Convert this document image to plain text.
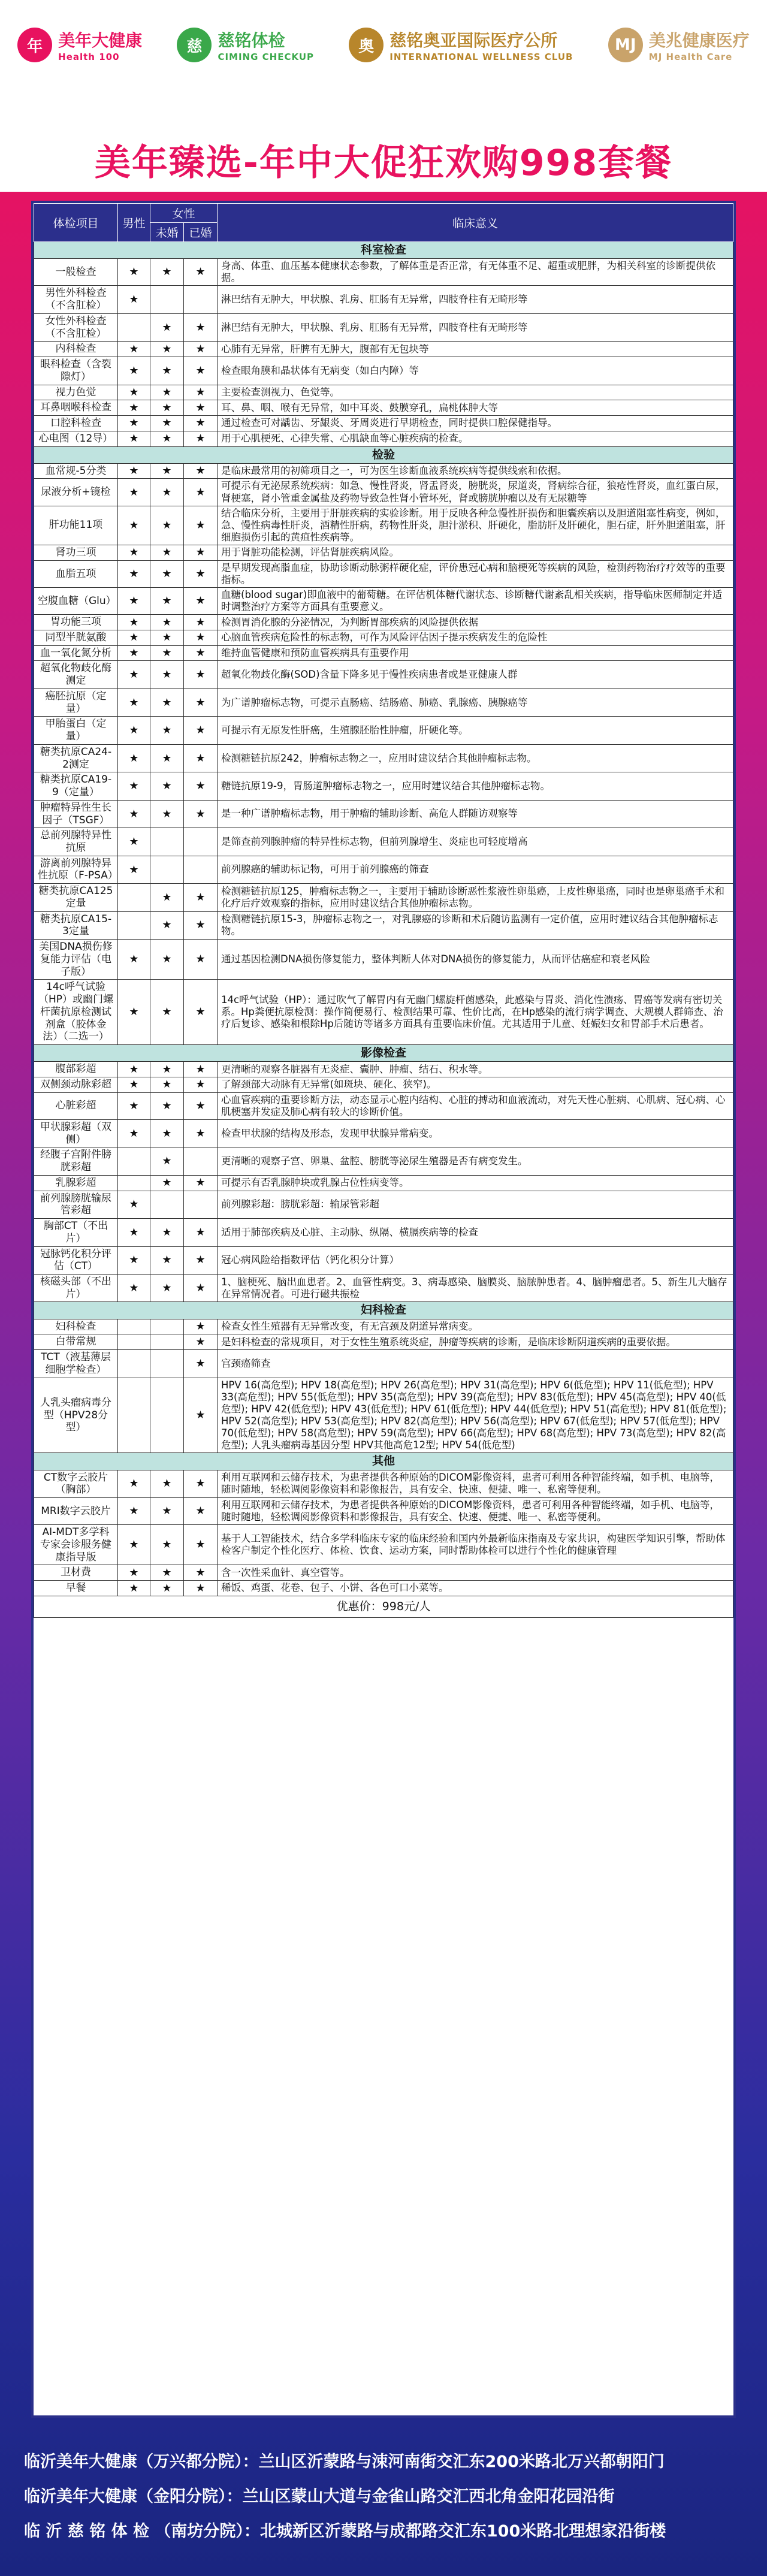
年 美年大健康
Health 100
慈 慈铭体检
CIMING CHECKUP
奥 慈铭奥亚国际医疗公所
INTERNATIONAL WELLNESS CLUB
MJ 美兆健康医疗
MJ Health Care
美年臻选-年中大促狂欢购998套餐
体检项目	男性	女性		临床意义
		未婚	已婚	
科室检查				
一般检查	★	★	★	身高、体重、血压基本健康状态参数，了解体重是否正常，有无体重不足、超重或肥胖，为相关科室的诊断提供依据。
男性外科检查（不含肛检）	★			淋巴结有无肿大，甲状腺、乳房、肛肠有无异常，四肢脊柱有无畸形等
女性外科检查（不含肛检）		★	★	淋巴结有无肿大，甲状腺、乳房、肛肠有无异常，四肢脊柱有无畸形等
内科检查	★	★	★	心肺有无异常，肝脾有无肿大，腹部有无包块等
眼科检查（含裂隙灯）	★	★	★	检查眼角膜和晶状体有无病变（如白内障）等
视力色觉	★	★	★	主要检查测视力、色觉等。
耳鼻咽喉科检查	★	★	★	耳、鼻、咽、喉有无异常，如中耳炎、鼓膜穿孔，扁桃体肿大等
口腔科检查	★	★	★	通过检查可对龋齿、牙龈炎、牙周炎进行早期检查，同时提供口腔保健指导。
心电图（12导）	★	★	★	用于心肌梗死、心律失常、心肌缺血等心脏疾病的检查。
检验				
血常规-5分类	★	★	★	是临床最常用的初筛项目之一，可为医生诊断血液系统疾病等提供线索和依据。
尿液分析+镜检	★	★	★	可提示有无泌尿系统疾病：如急、慢性肾炎，肾盂肾炎，膀胱炎，尿道炎，肾病综合征，狼疮性肾炎，血红蛋白尿，肾梗塞，肾小管重金属盐及药物导致急性肾小管坏死，肾或膀胱肿瘤以及有无尿糖等
肝功能11项	★	★	★	结合临床分析，主要用于肝脏疾病的实验诊断。用于反映各种急慢性肝损伤和胆囊疾病以及胆道阻塞性病变，例如，急、慢性病毒性肝炎，酒精性肝病，药物性肝炎，胆汁淤积、肝硬化，脂肪肝及肝硬化，胆石症，肝外胆道阻塞，肝细胞损伤引起的黄疸性疾病等。
肾功三项	★	★	★	用于肾脏功能检测，评估肾脏疾病风险。
血脂五项	★	★	★	是早期发现高脂血症，协助诊断动脉粥样硬化症，评价患冠心病和脑梗死等疾病的风险，检测药物治疗疗效等的重要指标。
空腹血糖（Glu）	★	★	★	血糖(blood sugar)即血液中的葡萄糖。在评估机体糖代谢状态、诊断糖代谢紊乱相关疾病，指导临床医师制定并适时调整治疗方案等方面具有重要意义。
胃功能三项	★	★	★	检测胃消化腺的分泌情况，为判断胃部疾病的风险提供依据
同型半胱氨酸	★	★	★	心脑血管疾病危险性的标志物，可作为风险评估因子提示疾病发生的危险性
血一氧化氮分析	★	★	★	维持血管健康和预防血管疾病具有重要作用
超氧化物歧化酶测定	★	★	★	超氧化物歧化酶(SOD)含量下降多见于慢性疾病患者或是亚健康人群
癌胚抗原（定量）	★	★	★	为广谱肿瘤标志物，可提示直肠癌、结肠癌、肺癌、乳腺癌、胰腺癌等
甲胎蛋白（定量）	★	★	★	可提示有无原发性肝癌，生殖腺胚胎性肿瘤，肝硬化等。
糖类抗原CA24-2测定	★	★	★	检测糖链抗原242，肿瘤标志物之一，应用时建议结合其他肿瘤标志物。
糖类抗原CA19-9（定量）	★	★	★	糖链抗原19-9，胃肠道肿瘤标志物之一，应用时建议结合其他肿瘤标志物。
肿瘤特异性生长因子（TSGF）	★	★	★	是一种广谱肿瘤标志物，用于肿瘤的辅助诊断、高危人群随访观察等
总前列腺特异性抗原	★			是筛查前列腺肿瘤的特异性标志物，但前列腺增生、炎症也可轻度增高
游离前列腺特异性抗原（F-PSA）	★			前列腺癌的辅助标记物，可用于前列腺癌的筛查
糖类抗原CA125定量		★	★	检测糖链抗原125，肿瘤标志物之一，主要用于辅助诊断恶性浆液性卵巢癌，上皮性卵巢癌，同时也是卵巢癌手术和化疗后疗效观察的指标，应用时建议结合其他肿瘤标志物。
糖类抗原CA15-3定量		★	★	检测糖链抗原15-3，肿瘤标志物之一，对乳腺癌的诊断和术后随访监测有一定价值，应用时建议结合其他肿瘤标志物。
美国DNA损伤修复能力评估（电子版）	★	★	★	通过基因检测DNA损伤修复能力，整体判断人体对DNA损伤的修复能力，从而评估癌症和衰老风险
14c呼气试验（HP）或幽门螺杆菌抗原检测试剂盒（胶体金法）（二选一）	★	★	★	14c呼气试验（HP）：通过吹气了解胃内有无幽门螺旋杆菌感染，此感染与胃炎、消化性溃疡、胃癌等发病有密切关系。Hp粪便抗原检测：操作简便易行、检测结果可靠、性价比高，在Hp感染的流行病学调查、大规模人群筛查、治疗后复诊、感染和根除Hp后随访等诸多方面具有重要临床价值。尤其适用于儿童、妊娠妇女和胃部手术后患者。
影像检查				
腹部彩超	★	★	★	更清晰的观察各脏器有无炎症、囊肿、肿瘤、结石、积水等。
双侧颈动脉彩超	★	★	★	了解颈部大动脉有无异常(如斑块、硬化、狭窄)。
心脏彩超	★	★	★	心血管疾病的重要诊断方法，动态显示心腔内结构、心脏的搏动和血液流动，对先天性心脏病、心肌病、冠心病、心肌梗塞并发症及肺心病有较大的诊断价值。
甲状腺彩超（双侧）	★	★	★	检查甲状腺的结构及形态，发现甲状腺异常病变。
经腹子宫附件膀胱彩超		★		更清晰的观察子宫、卵巢、盆腔、膀胱等泌尿生殖器是否有病变发生。
乳腺彩超		★	★	可提示有否乳腺肿块或乳腺占位性病变等。
前列腺膀胱输尿管彩超	★			前列腺彩超：膀胱彩超：输尿管彩超
胸部CT（不出片）	★	★	★	适用于肺部疾病及心脏、主动脉、纵隔、横膈疾病等的检查
冠脉钙化积分评估（CT）	★	★	★	冠心病风险给指数评估（钙化积分计算）
核磁头部（不出片）	★	★	★	1、脑梗死、脑出血患者。2、血管性病变。3、病毒感染、脑膜炎、脑脓肿患者。4、脑肿瘤患者。5、新生儿大脑存在异常情况者。可进行磁共振检
妇科检查				
妇科检查			★	检查女性生殖器有无异常改变，有无宫颈及阴道异常病变。
白带常规			★	是妇科检查的常规项目，对于女性生殖系统炎症，肿瘤等疾病的诊断，是临床诊断阴道疾病的重要依据。
TCT（液基薄层细胞学检查）			★	宫颈癌筛查
人乳头瘤病毒分型（HPV28分型）			★	HPV 16(高危型); HPV 18(高危型); HPV 26(高危型); HPV 31(高危型); HPV 6(低危型); HPV 11(低危型); HPV 33(高危型); HPV 55(低危型); HPV 35(高危型); HPV 39(高危型); HPV 83(低危型); HPV 45(高危型); HPV 40(低危型); HPV 42(低危型); HPV 43(低危型); HPV 61(低危型); HPV 44(低危型); HPV 51(高危型); HPV 81(低危型); HPV 52(高危型); HPV 53(高危型); HPV 82(高危型); HPV 56(高危型); HPV 67(低危型); HPV 57(低危型); HPV 70(低危型); HPV 58(高危型); HPV 59(高危型); HPV 66(高危型); HPV 68(高危型); HPV 73(高危型); HPV 82(高危型); 人乳头瘤病毒基因分型 HPV其他高危12型; HPV 54(低危型)
其他				
CT数字云胶片（胸部）	★	★	★	利用互联网和云储存技术，为患者提供各种原始的DICOM影像资料，患者可利用各种智能终端，如手机、电脑等，随时随地，轻松调阅影像资料和影像报告，具有安全、快速、便捷、唯一、私密等便利。
MRI数字云胶片	★	★	★	利用互联网和云储存技术，为患者提供各种原始的DICOM影像资料，患者可利用各种智能终端，如手机、电脑等，随时随地，轻松调阅影像资料和影像报告，具有安全、快速、便捷、唯一、私密等便利。
AI-MDT多学科专家会诊服务健康指导版	★	★	★	基于人工智能技术，结合多学科临床专家的临床经验和国内外最新临床指南及专家共识，构建医学知识引擎，帮助体检客户制定个性化医疗、体检、饮食、运动方案，同时帮助体检可以进行个性化的健康管理
卫材费	★	★	★	含一次性采血针、真空管等。
早餐	★	★	★	稀饭、鸡蛋、花卷、包子、小饼、各色可口小菜等。
优惠价：998元/人				
临沂美年大健康（万兴都分院）：兰山区沂蒙路与涑河南街交汇东200米路北万兴都朝阳门
临沂美年大健康（金阳分院）：兰山区蒙山大道与金雀山路交汇西北角金阳花园沿街
临 沂 慈 铭 体 检 （南坊分院）：北城新区沂蒙路与成都路交汇东100米路北理想家沿街楼
